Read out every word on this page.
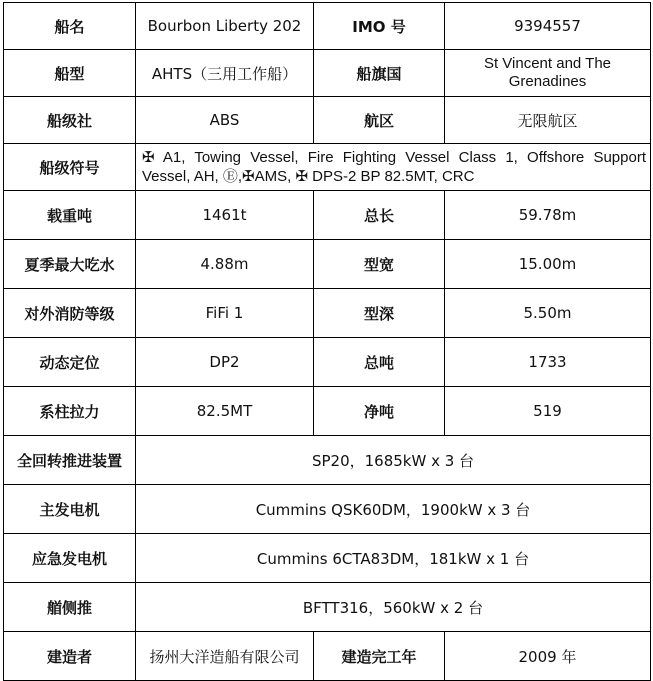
船名	Bourbon Liberty 202	IMO 号	9394557
船型	AHTS（三用工作船）	船旗国	St Vincent and The Grenadines
船级社	ABS	航区	无限航区
船级符号	✠ A1, Towing Vessel, Fire Fighting Vessel Class 1, Offshore Support Vessel, AH, Ⓔ,✠AMS, ✠ DPS-2 BP 82.5MT, CRC		
载重吨	1461t	总长	59.78m
夏季最大吃水	4.88m	型宽	15.00m
对外消防等级	FiFi 1	型深	5.50m
动态定位	DP2	总吨	1733
系柱拉力	82.5MT	净吨	519
全回转推进装置	SP20，1685kW x 3 台		
主发电机	Cummins QSK60DM，1900kW x 3 台		
应急发电机	Cummins 6CTA83DM，181kW x 1 台		
艏侧推	BFTT316，560kW x 2 台		
建造者	扬州大洋造船有限公司	建造完工年	2009 年
